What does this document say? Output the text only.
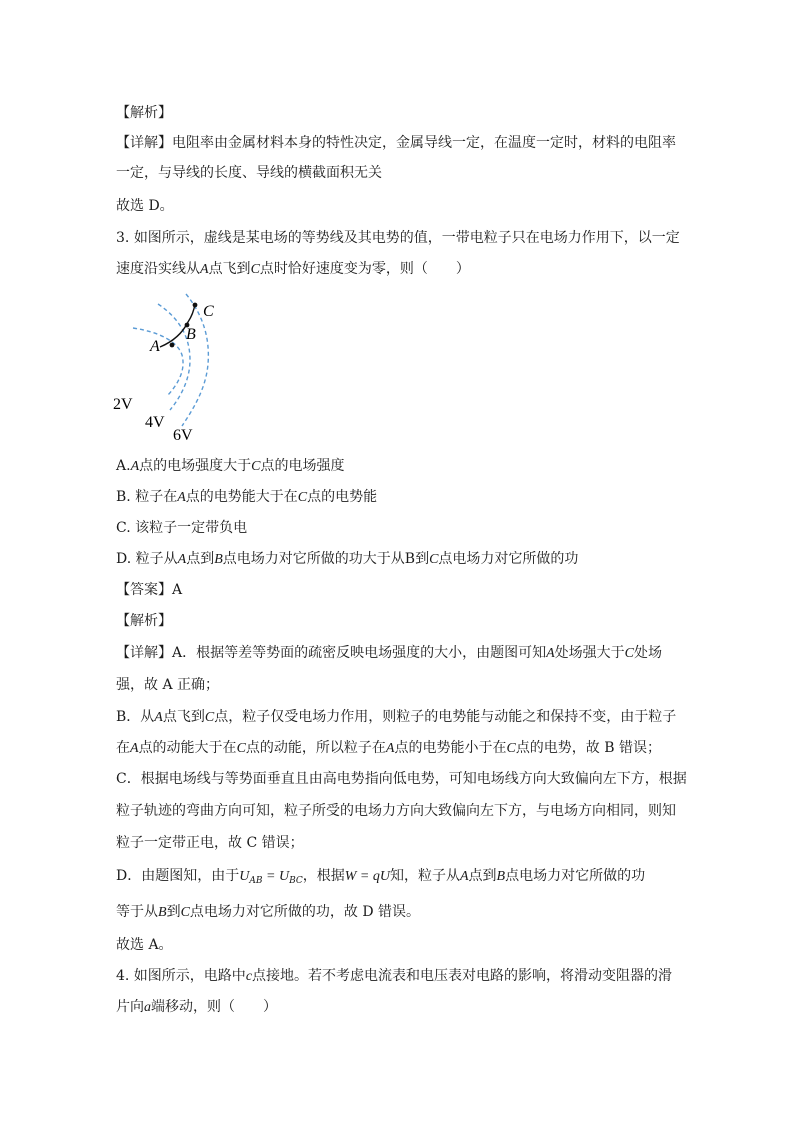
【解析】
【详解】电阻率由金属材料本身的特性决定，金属导线一定，在温度一定时，材料的电阻率
一定，与导线的长度、导线的横截面积无关
故选 D。
3. 如图所示，虚线是某电场的等势线及其电势的值，一带电粒子只在电场力作用下，以一定
速度沿实线从A点飞到C点时恰好速度变为零，则（　　）
A
B
C
2V
4V
6V
A.A点的电场强度大于C点的电场强度
B. 粒子在A点的电势能大于在C点的电势能
C. 该粒子一定带负电
D. 粒子从A点到B点电场力对它所做的功大于从B到C点电场力对它所做的功
【答案】A
【解析】
【详解】A．根据等差等势面的疏密反映电场强度的大小，由题图可知A处场强大于C处场
强，故 A 正确；
B．从A点飞到C点，粒子仅受电场力作用，则粒子的电势能与动能之和保持不变，由于粒子
在A点的动能大于在C点的动能，所以粒子在A点的电势能小于在C点的电势，故 B 错误；
C．根据电场线与等势面垂直且由高电势指向低电势，可知电场线方向大致偏向左下方，根据
粒子轨迹的弯曲方向可知，粒子所受的电场力方向大致偏向左下方，与电场方向相同，则知
粒子一定带正电，故 C 错误；
D．由题图知，由于$U_{AB} = U_{BC}$，根据W = qU知，粒子从A点到B点电场力对它所做的功
等于从B到C点电场力对它所做的功，故 D 错误。
故选 A。
4. 如图所示，电路中c点接地。若不考虑电流表和电压表对电路的影响，将滑动变阻器的滑
片向a端移动，则（　　）
